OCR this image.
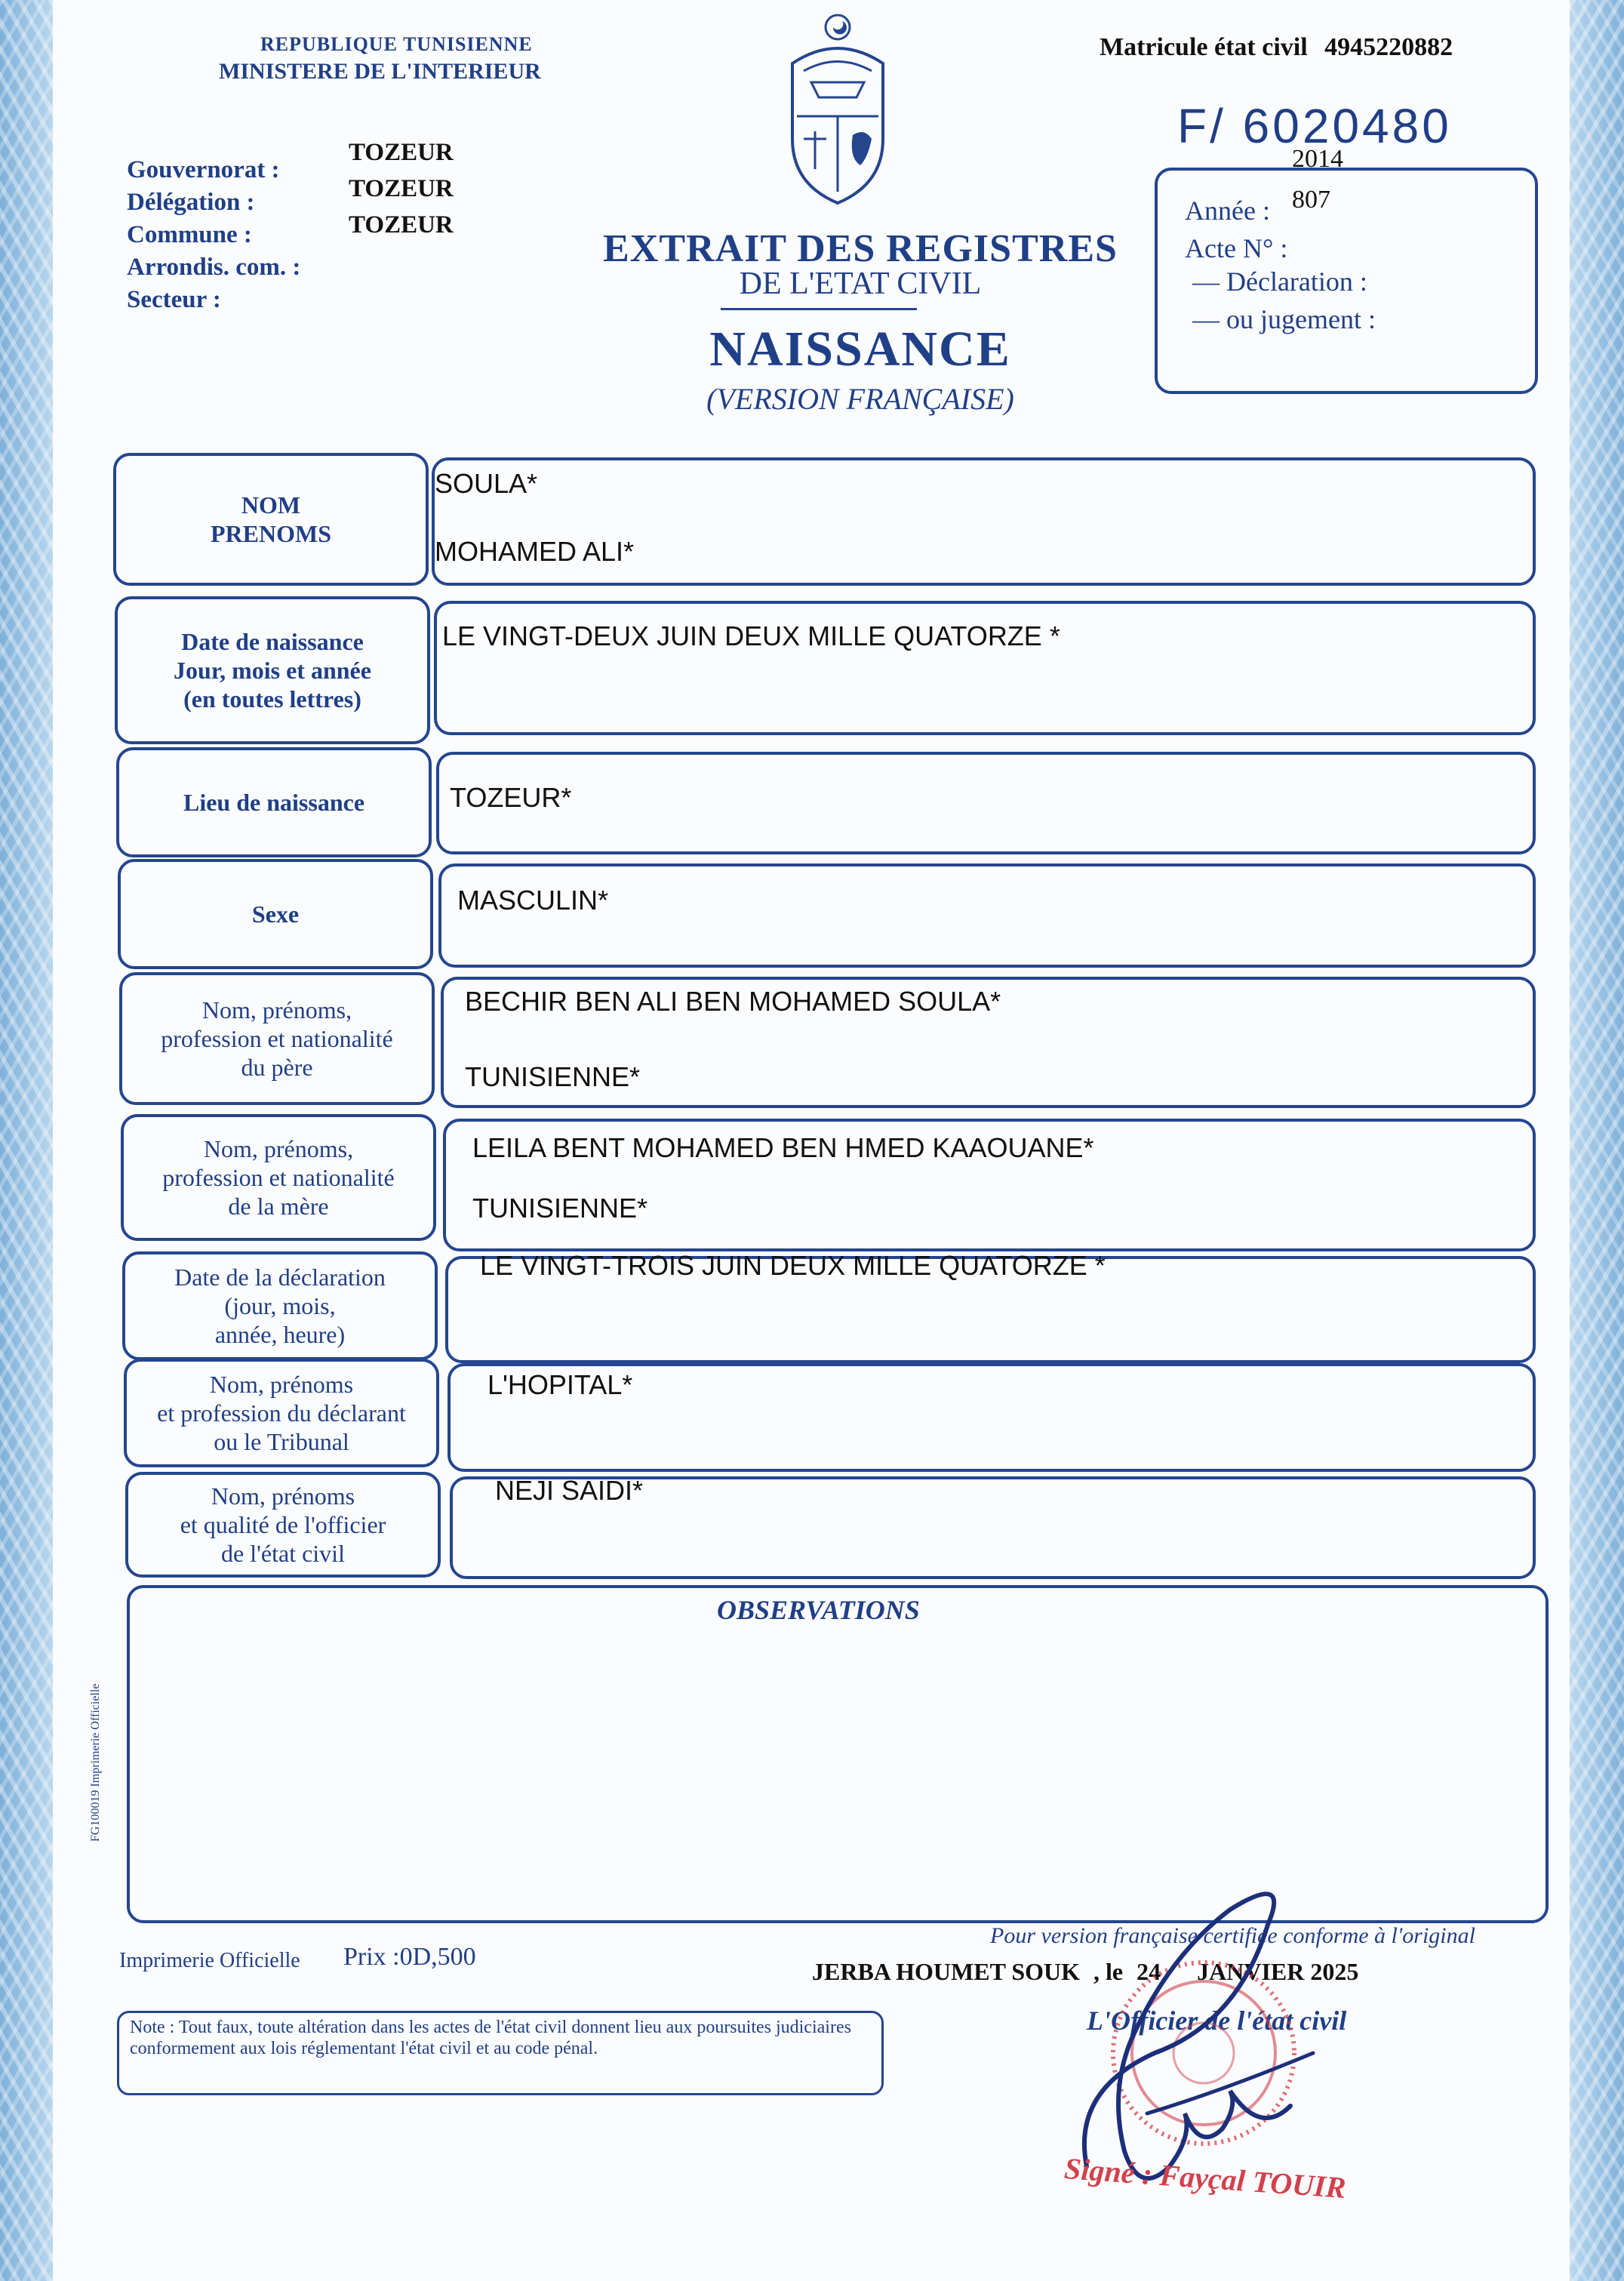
REPUBLIQUE TUNISIENNE
MINISTERE DE L'INTERIEUR
Matricule état civil 4945220882
F/ 6020480
Gouvernorat :
Délégation :
Commune :
Arrondis. com. :
Secteur :
TOZEUR
TOZEUR
TOZEUR
EXTRAIT DES REGISTRES
DE L'ETAT CIVIL
NAISSANCE
(VERSION FRANÇAISE)
Année :
2014
807
Acte N° :
— Déclaration :
— ou jugement :
NOM
PRENOMS
SOULA*
MOHAMED ALI*
Date de naissance
Jour, mois et année
(en toutes lettres)
LE VINGT-DEUX JUIN DEUX MILLE QUATORZE *
Lieu de naissance	TOZEUR*
Sexe	MASCULIN*
Nom, prénoms,
profession et nationalité
du père
BECHIR BEN ALI BEN MOHAMED SOULA*
TUNISIENNE*
Nom, prénoms,
profession et nationalité
de la mère
LEILA BENT MOHAMED BEN HMED KAAOUANE*
TUNISIENNE*
Date de la déclaration
(jour, mois,
année, heure)
LE VINGT-TROIS JUIN DEUX MILLE QUATORZE *
Nom, prénoms
et profession du déclarant
ou le Tribunal
L'HOPITAL*
Nom, prénoms
et qualité de l'officier
de l'état civil
NEJI SAIDI*
OBSERVATIONS
FG100019 Imprimerie Officielle
Imprimerie Officielle Prix :0D,500
Pour version française certifiée conforme à l'original
JERBA HOUMET SOUK , le 24 JANVIER 2025
L'Officier de l'état civil
Note : Tout faux, toute altération dans les actes de l'état civil donnent lieu aux poursuites judiciaires conformement aux lois réglementant l'état civil et au code pénal.
Signé : Fayçal TOUIR
